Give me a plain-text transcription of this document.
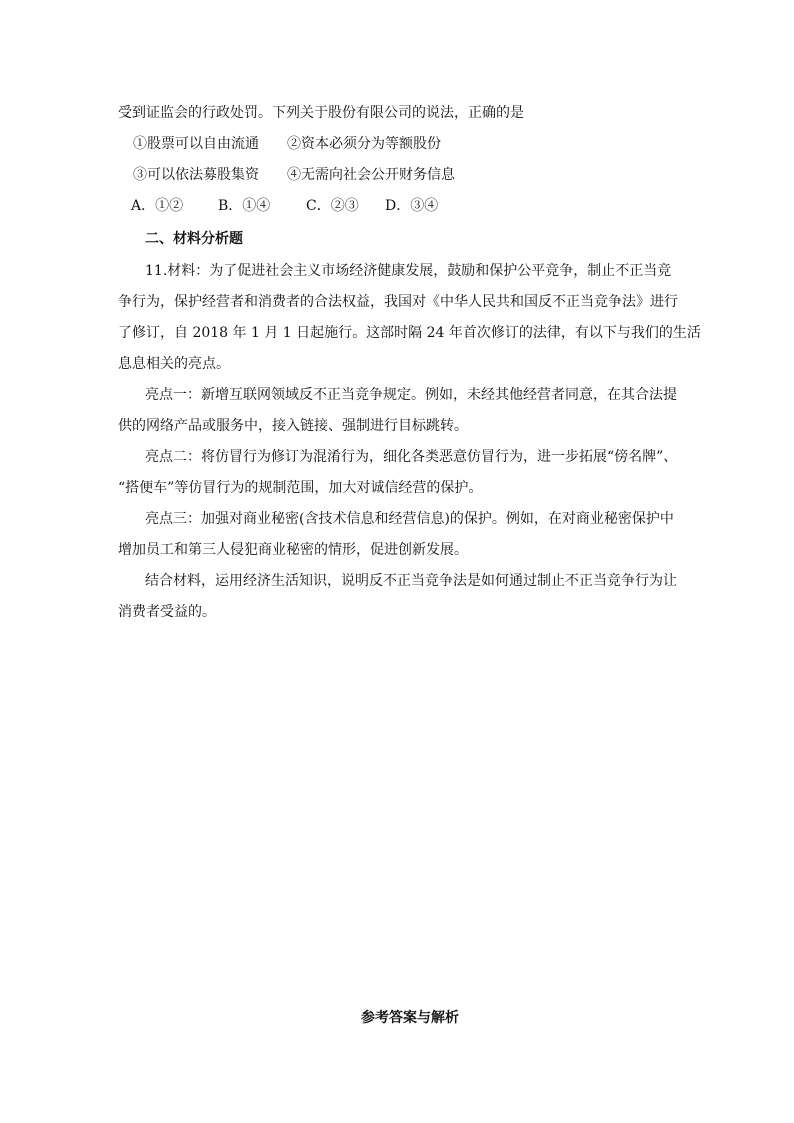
受到证监会的行政处罚。下列关于股份有限公司的说法，正确的是
①股票可以自由流通 ②资本必须分为等额股份
③可以依法募股集资 ④无需向社会公开财务信息
A．①② B．①④	C．②③ D．③④
二、材料分析题
11.材料：为了促进社会主义市场经济健康发展，鼓励和保护公平竞争，制止不正当竞
争行为，保护经营者和消费者的合法权益，我国对《中华人民共和国反不正当竞争法》进行
了修订，自 2018 年 1 月 1 日起施行。这部时隔 24 年首次修订的法律，有以下与我们的生活
息息相关的亮点。
亮点一：新增互联网领域反不正当竞争规定。例如，未经其他经营者同意，在其合法提
供的网络产品或服务中，接入链接、强制进行目标跳转。
亮点二：将仿冒行为修订为混淆行为，细化各类恶意仿冒行为，进一步拓展“傍名牌”、
“搭便车”等仿冒行为的规制范围，加大对诚信经营的保护。
亮点三：加强对商业秘密(含技术信息和经营信息)的保护。例如，在对商业秘密保护中
增加员工和第三人侵犯商业秘密的情形，促进创新发展。
结合材料，运用经济生活知识，说明反不正当竞争法是如何通过制止不正当竞争行为让
消费者受益的。
参考答案与解析
